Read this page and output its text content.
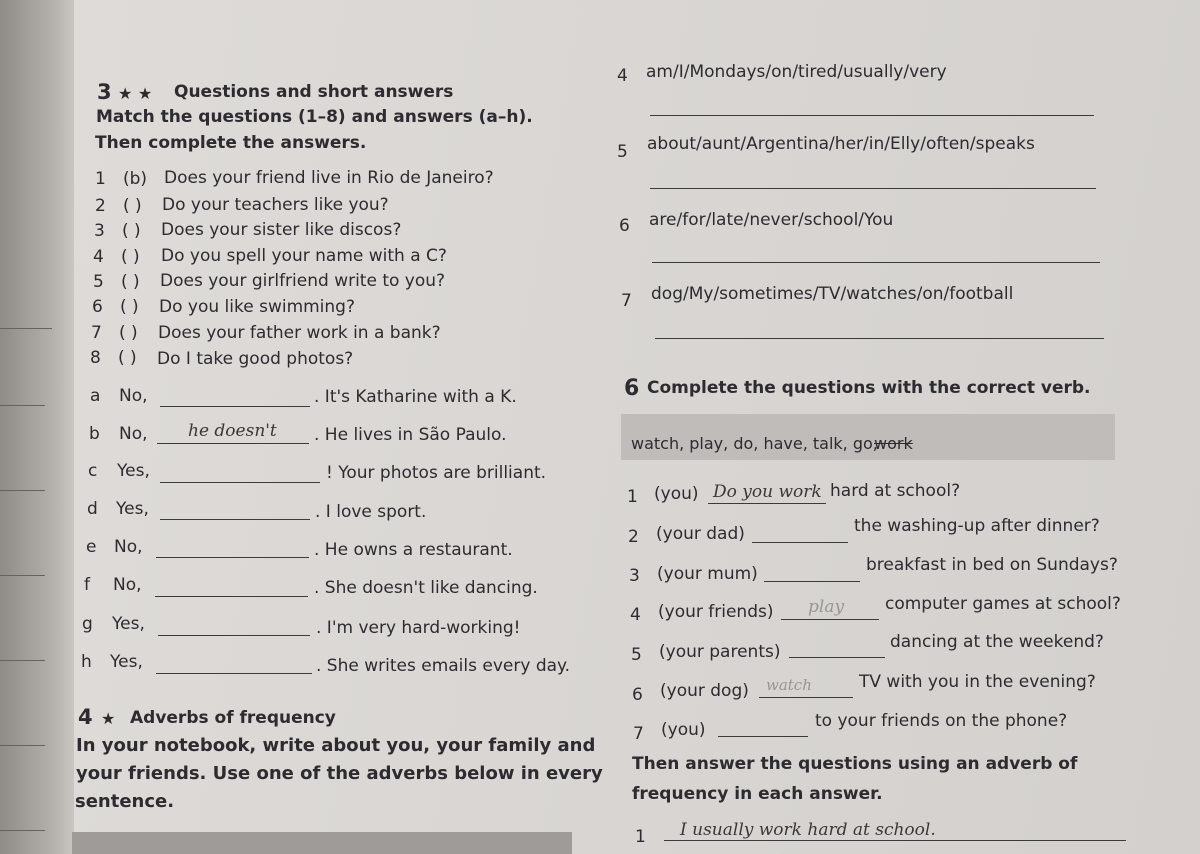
3 ★ ★ Questions and short answers
Match the questions (1–8) and answers (a–h).
Then complete the answers.
1 (b) Does your friend live in Rio de Janeiro?
2 ( ) Do your teachers like you?
3 ( ) Does your sister like discos?
4 ( ) Do you spell your name with a C?
5 ( ) Does your girlfriend write to you?
6 ( ) Do you like swimming?
7 ( ) Does your father work in a bank?
8 ( ) Do I take good photos?
a No,	. It's Katharine with a K.
b No, he doesn't . He lives in São Paulo.
c Yes,	! Your photos are brilliant.
d Yes,	. I love sport.
e No,	. He owns a restaurant.
f No,	. She doesn't like dancing.
g Yes,	. I'm very hard-working!
h Yes,	. She writes emails every day.
4 ★ Adverbs of frequency
In your notebook, write about you, your family and
your friends. Use one of the adverbs below in every
sentence.
4 am/I/Mondays/on/tired/usually/very
5 about/aunt/Argentina/her/in/Elly/often/speaks
6 are/for/late/never/school/You
7 dog/My/sometimes/TV/watches/on/football
6 Complete the questions with the correct verb.
watch, play, do, have, talk, go,
work
1 (you) Do you work hard at school?
2 (your dad)	the washing-up after dinner?
3 (your mum)	breakfast in bed on Sundays?
4 (your friends) play computer games at school?
5 (your parents)	dancing at the weekend?
6 (your dog) watch	TV with you in the evening?
7 (you)	to your friends on the phone?
Then answer the questions using an adverb of
frequency in each answer.
1 I usually work hard at school.
